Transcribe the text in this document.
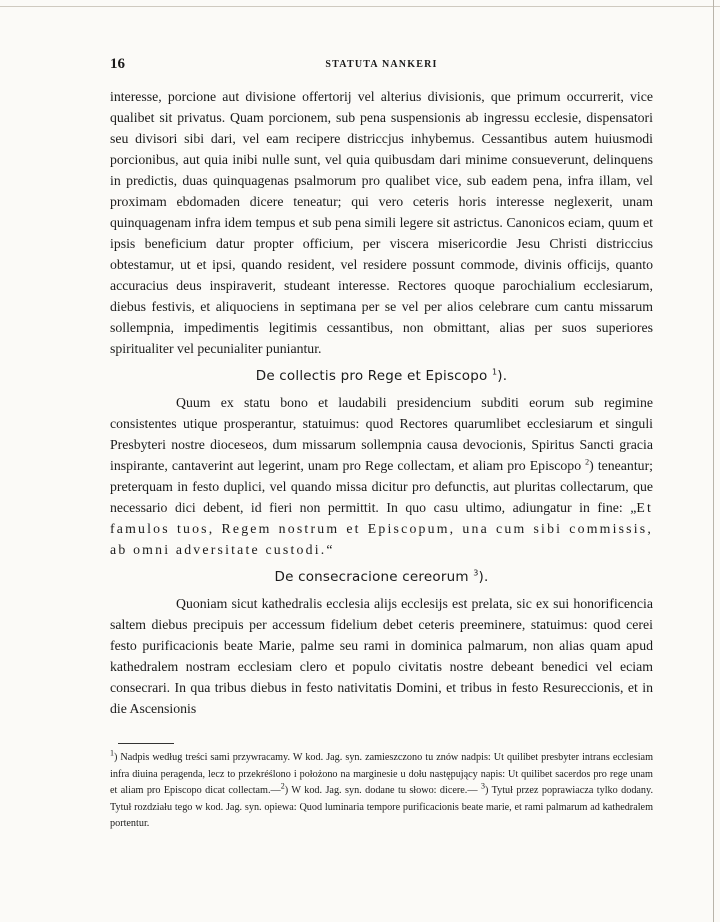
16	STATUTA NANKERI

interesse, porcione aut divisione offertorij vel alterius divisionis, que primum occurrerit, vice qualibet sit privatus. Quam porcionem, sub pena suspensionis ab ingressu ecclesie, dispensatori seu divisori sibi dari, vel eam recipere districcjus inhybemus. Cessantibus autem huiusmodi porcionibus, aut quia inibi nulle sunt, vel quia quibusdam dari minime consueverunt, delinquens in predictis, duas quinquagenas psalmorum pro qualibet vice, sub eadem pena, infra illam, vel proximam ebdomaden dicere teneatur; qui vero ceteris horis interesse neglexerit, unam quinquagenam infra idem tempus et sub pena simili legere sit astrictus. Canonicos eciam, quum et ipsis beneficium datur propter officium, per viscera misericordie Jesu Christi districcius obtestamur, ut et ipsi, quando resident, vel residere possunt commode, divinis officijs, quanto accuracius deus inspiraverit, studeant interesse. Rectores quoque parochialium ecclesiarum, diebus festivis, et aliquociens in septimana per se vel per alios celebrare cum cantu missarum sollempnia, impedimentis legitimis cessantibus, non obmittant, alias per suos superiores spiritualiter vel pecunialiter puniantur.

De collectis pro Rege et Episcopo $^1$).

Quum ex statu bono et laudabili presidencium subditi eorum sub regimine consistentes utique prosperantur, statuimus: quod Rectores quarumlibet ecclesiarum et singuli Presbyteri nostre dioceseos, dum missarum sollempnia causa devocionis, Spiritus Sancti gracia inspirante, cantaverint aut legerint, unam pro Rege collectam, et aliam pro Episcopo $^2$) teneantur; preterquam in festo duplici, vel quando missa dicitur pro defunctis, aut pluritas collectarum, que necessario dici debent, id fieri non permittit. In quo casu ultimo, adiungatur in fine: „Et famulos tuos, Regem nostrum et Episcopum, una cum sibi commissis, ab omni adversitate custodi.“

De consecracione cereorum $^3$).

Quoniam sicut kathedralis ecclesia alijs ecclesijs est prelata, sic ex sui honorificencia saltem diebus precipuis per accessum fidelium debet ceteris preeminere, statuimus: quod cerei festo purificacionis beate Marie, palme seu rami in dominica palmarum, non alias quam apud kathedralem nostram ecclesiam clero et populo civitatis nostre debeant benedici vel eciam consecrari. In qua tribus diebus in festo nativitatis Domini, et tribus in festo Resureccionis, et in die Ascensionis

$^1$) Nadpis według treści sami przywracamy. W kod. Jag. syn. zamieszczono tu znów nadpis: Ut quilibet presbyter intrans ecclesiam infra diuina peragenda, lecz to przekréślono i położono na marginesie u dołu następujący napis: Ut quilibet sacerdos pro rege unam et aliam pro Episcopo dicat collectam.—$^2$) W kod. Jag. syn. dodane tu słowo: dicere.— $^3$) Tytuł przez poprawiacza tylko dodany. Tytuł rozdziału tego w kod. Jag. syn. opiewa: Quod luminaria tempore purificacionis beate marie, et rami palmarum ad kathedralem portentur.
